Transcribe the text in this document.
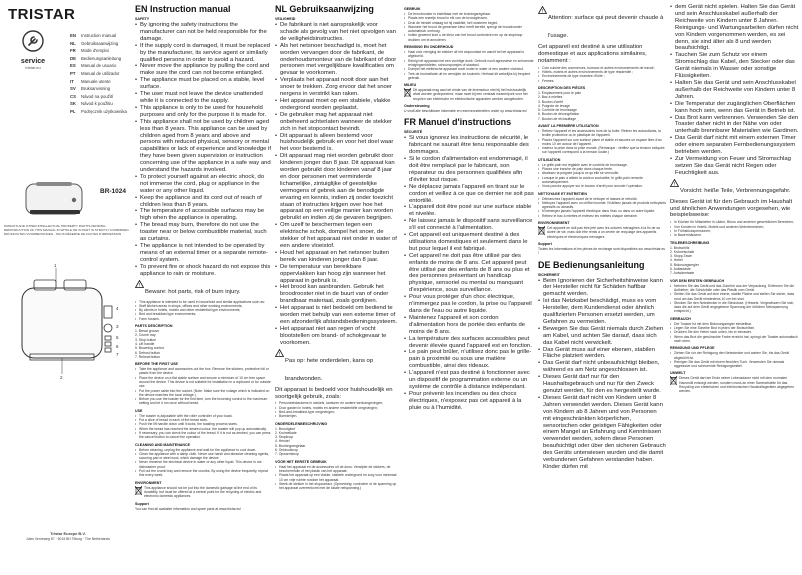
TRISTAR
service
tristar.eu
EN Instruction manual
NL Gebruiksaanwijzing
FR Mode d'emploi
DE Bedienungsanleitung
ES Manual de usuario
PT Manual de utilizador
IT Manuale utente
SV Bruksanvisning
CS Návod na použití
SK Návod k použitiu
PL Podręcznik użytkownika
BR-1024
PATENTS AND OTHER INTELLECTUAL PROPERTY RIGHTS PENDING · REPRODUCTION OF THIS MANUAL IN WHOLE OR IN PART IS STRICTLY FORBIDDEN · DRUKFOUTEN VOORBEHOUDEN · SOUS RÉSERVE DE FAUTES D'IMPRESSION
1
2
3
4
5
6
7
Tristar Europe B.V.
Jules Verneweg 87 · 5015 BH Tilburg · The Netherlands
EN Instruction manual
SAFETY
• By ignoring the safety instructions the manufacturer can not be held responsible for the damage.
• If the supply cord is damaged, it must be replaced by the manufacturer, its service agent or similarly qualified persons in order to avoid a hazard.
• Never move the appliance by pulling the cord and make sure the cord can not become entangled.
• The appliance must be placed on a stable, level surface.
• The user must not leave the device unattended while it is connected to the supply.
• This appliance is only to be used for household purposes and only for the purpose it is made for.
• This appliance shall not be used by children aged less than 8 years. This appliance can be used by children aged from 8 years and above and persons with reduced physical, sensory or mental capabilities or lack of experience and knowledge if they have been given supervision or instruction concerning use of the appliance in a safe way and understand the hazards involved.
• To protect yourself against an electric shock, do not immerse the cord, plug or appliance in the water or any other liquid.
• Keep the appliance and its cord out of reach of children less than 8 years.
• The temperature of accessible surfaces may be high when the appliance is operating.
• The bread may burn, therefore do not use the toaster near or below combustible material, such as curtains.
• The appliance is not intended to be operated by means of an external timer or a separate remote-control system.
• To prevent fire or shock hazard do not expose this appliance to rain or moisture.
!
Beware: hot parts, risk of burn injury.
• This appliance is intended to be used in household and similar applications such as:
• Staff kitchen areas in shops, offices and other working environments;
• By clients in hotels, motels and other residential type environments;
• Bed and breakfast type environments;
• Farm houses.
PARTS DESCRIPTION
1. Bread groove
2. Crumb tray
3. Stop button
4. Lift handle
5. Browning control
6. Defrost button
7. Reheat button
BEFORE THE FIRST USE
• Take the appliance and accessories out the box. Remove the stickers, protective foil or plastic from the device.
• Place the device on a flat stable surface and ensure a minimum of 10 cm free space around the device. This device is not suitable for installation in a cupboard or for outside use.
• Put the power cable into the socket. (Note: Make sure the voltage which is indicated on the device matches the local voltage.)
• Before you use the toaster for the first time, turn the browning control to the maximum setting and let it run once without bread.
USE
• The toaster is adjustable with the roller controller of your toast.
• Put a slice of bread in each of the bread slots.
• Push the lift handle down until it locks; the toasting process starts.
• When the bread has reached the desired colour, the toaster will pop up automatically.
• If necessary, you can check the colour of the bread. If it is not as desired, you can press the cancel button to cancel the operation.
CLEANING AND MAINTENANCE
• Before cleaning, unplug the appliance and wait for the appliance to cool down.
• Clean the appliance with a damp cloth. Never use harsh and abrasive cleaning agents, scouring pad or steel wool, which damage the device.
• Never immerse the electrical device in water or any other liquid. This device is not dishwasher proof.
• Pull out the crumb tray and remove the crumbs. By using the device frequently, repeat this every week.
ENVIRONMENT
This appliance should not be put into the domestic garbage at the end of its durability, but must be offered at a central point for the recycling of electric and electronic domestic appliances.
Support
You can find all available information and spare parts at www.tristar.eu!
NL Gebruiksaanwijzing
VEILIGHEID
• De fabrikant is niet aansprakelijk voor schade als gevolg van het niet opvolgen van de veiligheidsinstructies.
• Als het netsnoer beschadigd is, moet het worden vervangen door de fabrikant, de onderhoudsmonteur van de fabrikant of door personen met vergelijkbare kwalificaties om gevaar te voorkomen.
• Verplaats het apparaat nooit door aan het snoer te trekken. Zorg ervoor dat het snoer nergens in verstrikt kan raken.
• Het apparaat moet op een stabiele, vlakke ondergrond worden geplaatst.
• De gebruiker mag het apparaat niet onbeheerd achterlaten wanneer de stekker zich in het stopcontact bevindt.
• Dit apparaat is alleen bestemd voor huishoudelijk gebruik en voor het doel waar het voor bestemd is.
• Dit apparaat mag niet worden gebruikt door kinderen jonger dan 8 jaar. Dit apparaat kan worden gebruikt door kinderen vanaf 8 jaar en door personen met verminderde lichamelijke, zintuiglijke of geestelijke vermogens of gebrek aan de benodigde ervaring en kennis, indien zij onder toezicht staan of instructies krijgen over hoe het apparaat op een veilige manier kan worden gebruikt en indien zij de gevaren begrijpen.
• Om uzelf te beschermen tegen een elektrische schok, dompel het snoer, de stekker of het apparaat niet onder in water of een andere vloeistof.
• Houd het apparaat en het netsnoer buiten bereik van kinderen jonger dan 8 jaar.
• De temperatuur van bereikbare oppervlakken kan hoog zijn wanneer het apparaat in gebruik is.
• Het brood kan aanbranden. Gebruik het broodrooster niet in de buurt van of onder brandbaar materiaal, zoals gordijnen.
• Het apparaat is niet bedoeld om bediend te worden met behulp van een externe timer of een afzonderlijk afstandsbedieningssysteem.
• Het apparaat niet aan regen of vocht blootstellen om brand- of schokgevaar te voorkomen.
!
Pas op: hete onderdelen, kans op brandwonden.
Dit apparaat is bedoeld voor huishoudelijk en soortgelijk gebruik, zoals:
• Personeelskeukens in winkels, kantoren en andere werkomgevingen;
• Door gasten in hotels, motels en andere residentiële omgevingen;
• Bed-and-breakfast-type omgevingen;
• Boerderijen.
ONDERDELENBESCHRIJVING
1. Broodgleuf
2. Kruimellade
3. Stopknop
4. Hendel
5. Bruiningsregelaar
6. Ontdooiknop
7. Opwarmknop
VÓÓR HET EERSTE GEBRUIK
• Haal het apparaat en de accessoires uit de doos. Verwijder de stickers, de beschermfolie of het plastic van het apparaat.
• Plaats het apparaat op een vlakke, stabiele ondergrond en zorg voor minimaal 10 cm vrije ruimte rondom het apparaat.
• Steek de stekker in het stopcontact. (Opmerking: controleer of de spanning op het apparaat overeenkomt met de lokale netspanning.)
GEBRUIK
• De broodrooster is instelbaar met de bruiningsregelaar.
• Plaats een sneetje brood in elk van de broodgleuven.
• Druk de hendel omlaag tot hij vastklikt; het roosteren begint.
• Wanneer het brood de gewenste kleur heeft bereikt, springt de broodrooster automatisch omhoog.
• Indien gewenst kunt u de kleur van het brood controleren en op de stopknop drukken om te annuleren.
REINIGING EN ONDERHOUD
• Haal vóór reiniging de stekker uit het stopcontact en wacht tot het apparaat is afgekoeld.
• Reinig het apparaat met een vochtige doek. Gebruik nooit agressieve en schurende reinigingsmiddelen, schuursponsjes of staalwol.
• Dompel het elektrische apparaat nooit onder in water of een andere vloeistof.
• Trek de kruimellade uit en verwijder de kruimels. Herhaal dit wekelijks bij frequent gebruik.
MILIEU
Dit apparaat mag aan het einde van de levensduur niet bij het huishoudelijk afval worden gedeponeerd, maar moet bij een centraal inzamelpunt voor het recyclen van elektrische en elektronische apparaten worden aangeboden.
Ondersteuning
U vindt alle beschikbare informatie en reserveonderdelen onder op www.tristar.eu!
FR Manuel d'instructions
SÉCURITÉ
• Si vous ignorez les instructions de sécurité, le fabricant ne saurait être tenu responsable des dommages.
• Si le cordon d'alimentation est endommagé, il doit être remplacé par le fabricant, son réparateur ou des personnes qualifiées afin d'éviter tout risque.
• Ne déplacez jamais l'appareil en tirant sur le cordon et veillez à ce que ce dernier ne soit pas entortillé.
• L'appareil doit être posé sur une surface stable et nivelée.
• Ne laissez jamais le dispositif sans surveillance s'il est connecté à l'alimentation.
• Cet appareil est uniquement destiné à des utilisations domestiques et seulement dans le but pour lequel il est fabriqué.
• Cet appareil ne doit pas être utilisé par des enfants de moins de 8 ans. Cet appareil peut être utilisé par des enfants de 8 ans ou plus et des personnes présentant un handicap physique, sensoriel ou mental ou manquant d'expérience, sous surveillance.
• Pour vous protéger d'un choc électrique, n'immergez pas le cordon, la prise ou l'appareil dans de l'eau ou autre liquide.
• Maintenez l'appareil et son cordon d'alimentation hors de portée des enfants de moins de 8 ans.
• La température des surfaces accessibles peut devenir élevée quand l'appareil est en fonction.
• Le pain peut brûler, n'utilisez donc pas le grille-pain à proximité ou sous une matière combustible, ainsi des rideaux.
• L'appareil n'est pas destiné à fonctionner avec un dispositif de programmation externe ou un système de contrôle à distance indépendant.
• Pour prévenir les incendies ou des chocs électriques, n'exposez pas cet appareil à la pluie ou à l'humidité.
!
Attention: surface qui peut devenir chaude à l'usage.
Cet appareil est destiné à une utilisation domestique et aux applications similaires, notamment :
• Coin cuisine des commerces, bureaux et autres environnements de travail ;
• Hôtels, motels et autres environnements de type résidentiel ;
• Environnements de type chambre d'hôte ;
• Fermes.
DESCRIPTION DES PIÈCES
1. Emplacement pour le pain
2. Bac à miettes
3. Bouton d'arrêt
4. Poignée de levage
5. Contrôle de brunissage
6. Bouton de décongélation
7. Bouton de réchauffage
AVANT LA PREMIÈRE UTILISATION
• Retirez l'appareil et les accessoires hors de la boîte. Retirez les autocollants, la feuille protectrice ou le plastique de l'appareil.
• Placez l'appareil sur une surface plane et stable et assurez un espace libre d'au moins 10 cm autour de l'appareil.
• Insérez la prise dans la prise murale. (Remarque : vérifiez que la tension indiquée sur l'appareil correspond à la tension locale.)
UTILISATION
• Le grille-pain est réglable avec le contrôle de brunissage.
• Placez une tranche de pain dans chaque fente.
• Abaissez la poignée jusqu'à ce qu'elle se verrouille.
• Lorsque le pain a atteint la couleur souhaitée, le grille-pain remonte automatiquement.
• Vous pouvez appuyer sur le bouton d'arrêt pour annuler l'opération.
NETTOYAGE ET ENTRETIEN
• Débranchez l'appareil avant de le nettoyer et laissez-le refroidir.
• Nettoyez l'appareil avec un chiffon humide. N'utilisez jamais de produits nettoyants agressifs ou abrasifs.
• N'immergez jamais l'appareil électrique dans l'eau ou dans un autre liquide.
• Retirez le bac à miettes et enlevez les miettes chaque semaine.
ENVIRONNEMENT
Cet appareil ne doit pas être jeté avec les ordures ménagères à la fin de sa durée de vie, mais doit être remis à un centre de recyclage des appareils électriques et électroniques ménagers.
Support
Toutes les informations et les pièces de rechange sont disponibles sur www.tristar.eu !
DE Bedienungsanleitung
SICHERHEIT
• Beim Ignorieren der Sicherheitshinweise kann der Hersteller nicht für Schäden haftbar gemacht werden.
• Ist das Netzkabel beschädigt, muss es vom Hersteller, dem Kundendienst oder ähnlich qualifizierten Personen ersetzt werden, um Gefahren zu vermeiden.
• Bewegen Sie das Gerät niemals durch Ziehen am Kabel, und achten Sie darauf, dass sich das Kabel nicht verwickelt.
• Das Gerät muss auf einer ebenen, stabilen Fläche platziert werden.
• Das Gerät darf nicht unbeaufsichtigt bleiben, während es am Netz angeschlossen ist.
• Dieses Gerät darf nur für den Haushaltsgebrauch und nur für den Zweck genutzt werden, für den es hergestellt wurde.
• Dieses Gerät darf nicht von Kindern unter 8 Jahren verwendet werden. Dieses Gerät kann von Kindern ab 8 Jahren und von Personen mit eingeschränkten körperlichen, sensorischen oder geistigen Fähigkeiten oder einem Mangel an Erfahrung und Kenntnissen verwendet werden, sofern diese Personen beaufsichtigt oder über den sicheren Gebrauch des Geräts unterwiesen wurden und die damit verbundenen Gefahren verstanden haben. Kinder dürfen mit
• dem Gerät nicht spielen. Halten Sie das Gerät und sein Anschlusskabel außerhalb der Reichweite von Kindern unter 8 Jahren. Reinigungs- und Wartungsarbeiten dürfen nicht von Kindern vorgenommen werden, es sei denn, sie sind älter als 8 und werden beaufsichtigt.
• Tauchen Sie zum Schutz vor einem Stromschlag das Kabel, den Stecker oder das Gerät niemals in Wasser oder sonstige Flüssigkeiten.
• Halten Sie das Gerät und sein Anschlusskabel außerhalb der Reichweite von Kindern unter 8 Jahren.
• Die Temperatur der zugänglichen Oberflächen kann hoch sein, wenn das Gerät in Betrieb ist.
• Das Brot kann verbrennen. Verwenden Sie den Toaster daher nicht in der Nähe von oder unterhalb brennbarer Materialien wie Gardinen.
• Das Gerät darf nicht mit einem externen Timer oder einem separaten Fernbedienungssystem betrieben werden.
• Zur Vermeidung von Feuer und Stromschlag setzen Sie das Gerät nicht Regen oder Feuchtigkeit aus.
!
Vorsicht: heiße Teile, Verbrennungsgefahr.
Dieses Gerät ist für den Gebrauch im Haushalt und ähnlichen Anwendungen vorgesehen, wie beispielsweise:
• In Küchen für Mitarbeiter in Läden, Büros und anderen gewerblichen Bereichen;
• Von Kunden in Hotels, Motels und anderen Wohnbereichen;
• In Frühstückspensionen;
• In Bauernhäusern.
TEILEBESCHREIBUNG
1. Brotschlitz
2. Krümelschale
3. Stopp-Taste
4. Hebel
5. Bräunungsregler
6. Auftautaste
7. Aufwärmtaste
VOR DEM ERSTEN GEBRAUCH
• Nehmen Sie das Gerät und das Zubehör aus der Verpackung. Entfernen Sie die Aufkleber, die Schutzfolie oder das Plastik vom Gerät.
• Stellen Sie das Gerät auf eine ebene, stabile Fläche und stellen Sie sicher, dass rund um das Gerät mindestens 10 cm frei sind.
• Stecken Sie den Netzstecker in die Steckdose. (Hinweis: Vergewissern Sie sich, dass die auf dem Gerät angegebene Spannung der örtlichen Netzspannung entspricht.)
GEBRAUCH
• Der Toaster ist mit dem Bräunungsregler einstellbar.
• Legen Sie eine Scheibe Brot in jeden der Brotschlitze.
• Drücken Sie den Hebel nach unten, bis er einrastet.
• Wenn das Brot die gewünschte Farbe erreicht hat, springt der Toaster automatisch nach oben.
REINIGUNG UND PFLEGE
• Ziehen Sie vor der Reinigung den Netzstecker und warten Sie, bis das Gerät abgekühlt ist.
• Reinigen Sie das Gerät mit einem feuchten Tuch. Verwenden Sie niemals aggressive und scheuernde Reinigungsmittel.
UMWELT
Dieses Gerät darf am Ende seiner Lebensdauer nicht mit dem normalen Hausmüll entsorgt werden, sondern muss an einer Sammelstelle für das Recycling von elektrischen und elektronischen Haushaltsgeräten abgegeben werden.
